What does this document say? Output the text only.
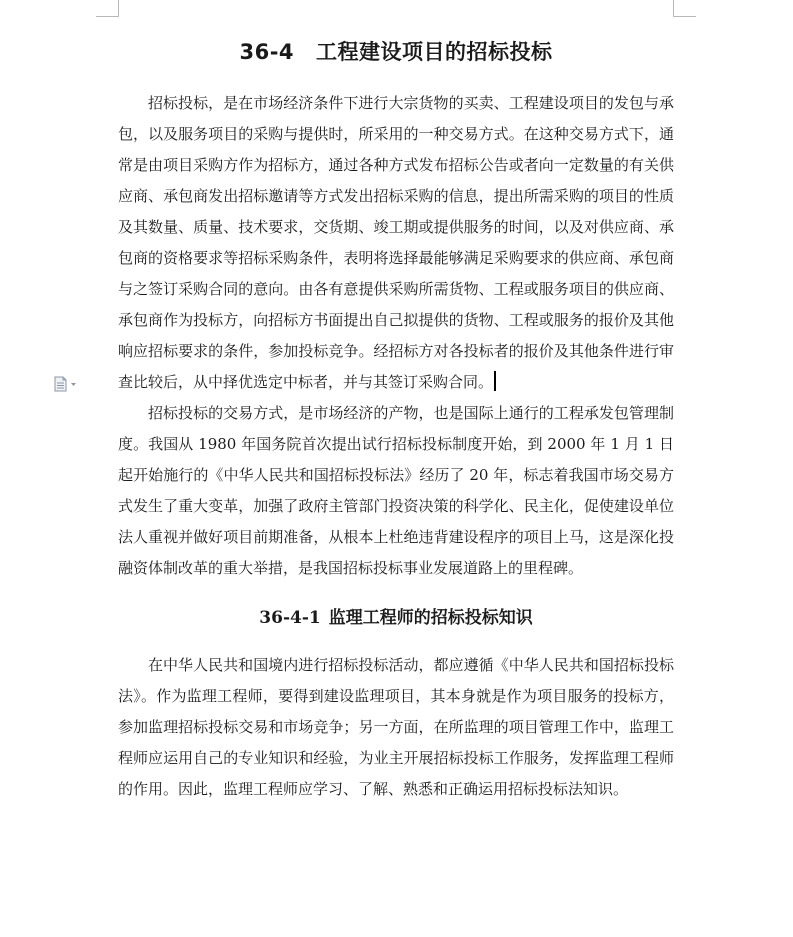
36-4 工程建设项目的招标投标

招标投标，是在市场经济条件下进行大宗货物的买卖、工程建设项目的发包与承包，以及服务项目的采购与提供时，所采用的一种交易方式。在这种交易方式下，通常是由项目采购方作为招标方，通过各种方式发布招标公告或者向一定数量的有关供应商、承包商发出招标邀请等方式发出招标采购的信息，提出所需采购的项目的性质及其数量、质量、技术要求，交货期、竣工期或提供服务的时间，以及对供应商、承包商的资格要求等招标采购条件，表明将选择最能够满足采购要求的供应商、承包商与之签订采购合同的意向。由各有意提供采购所需货物、工程或服务项目的供应商、承包商作为投标方，向招标方书面提出自己拟提供的货物、工程或服务的报价及其他响应招标要求的条件，参加投标竞争。经招标方对各投标者的报价及其他条件进行审查比较后，从中择优选定中标者，并与其签订采购合同。

招标投标的交易方式，是市场经济的产物，也是国际上通行的工程承发包管理制度。我国从 1980 年国务院首次提出试行招标投标制度开始，到 2000 年 1 月 1 日起开始施行的《中华人民共和国招标投标法》经历了 20 年，标志着我国市场交易方式发生了重大变革，加强了政府主管部门投资决策的科学化、民主化，促使建设单位法人重视并做好项目前期准备，从根本上杜绝违背建设程序的项目上马，这是深化投融资体制改革的重大举措，是我国招标投标事业发展道路上的里程碑。

36-4-1 监理工程师的招标投标知识

在中华人民共和国境内进行招标投标活动，都应遵循《中华人民共和国招标投标法》。作为监理工程师，要得到建设监理项目，其本身就是作为项目服务的投标方，参加监理招标投标交易和市场竞争；另一方面，在所监理的项目管理工作中，监理工程师应运用自己的专业知识和经验，为业主开展招标投标工作服务，发挥监理工程师的作用。因此，监理工程师应学习、了解、熟悉和正确运用招标投标法知识。
